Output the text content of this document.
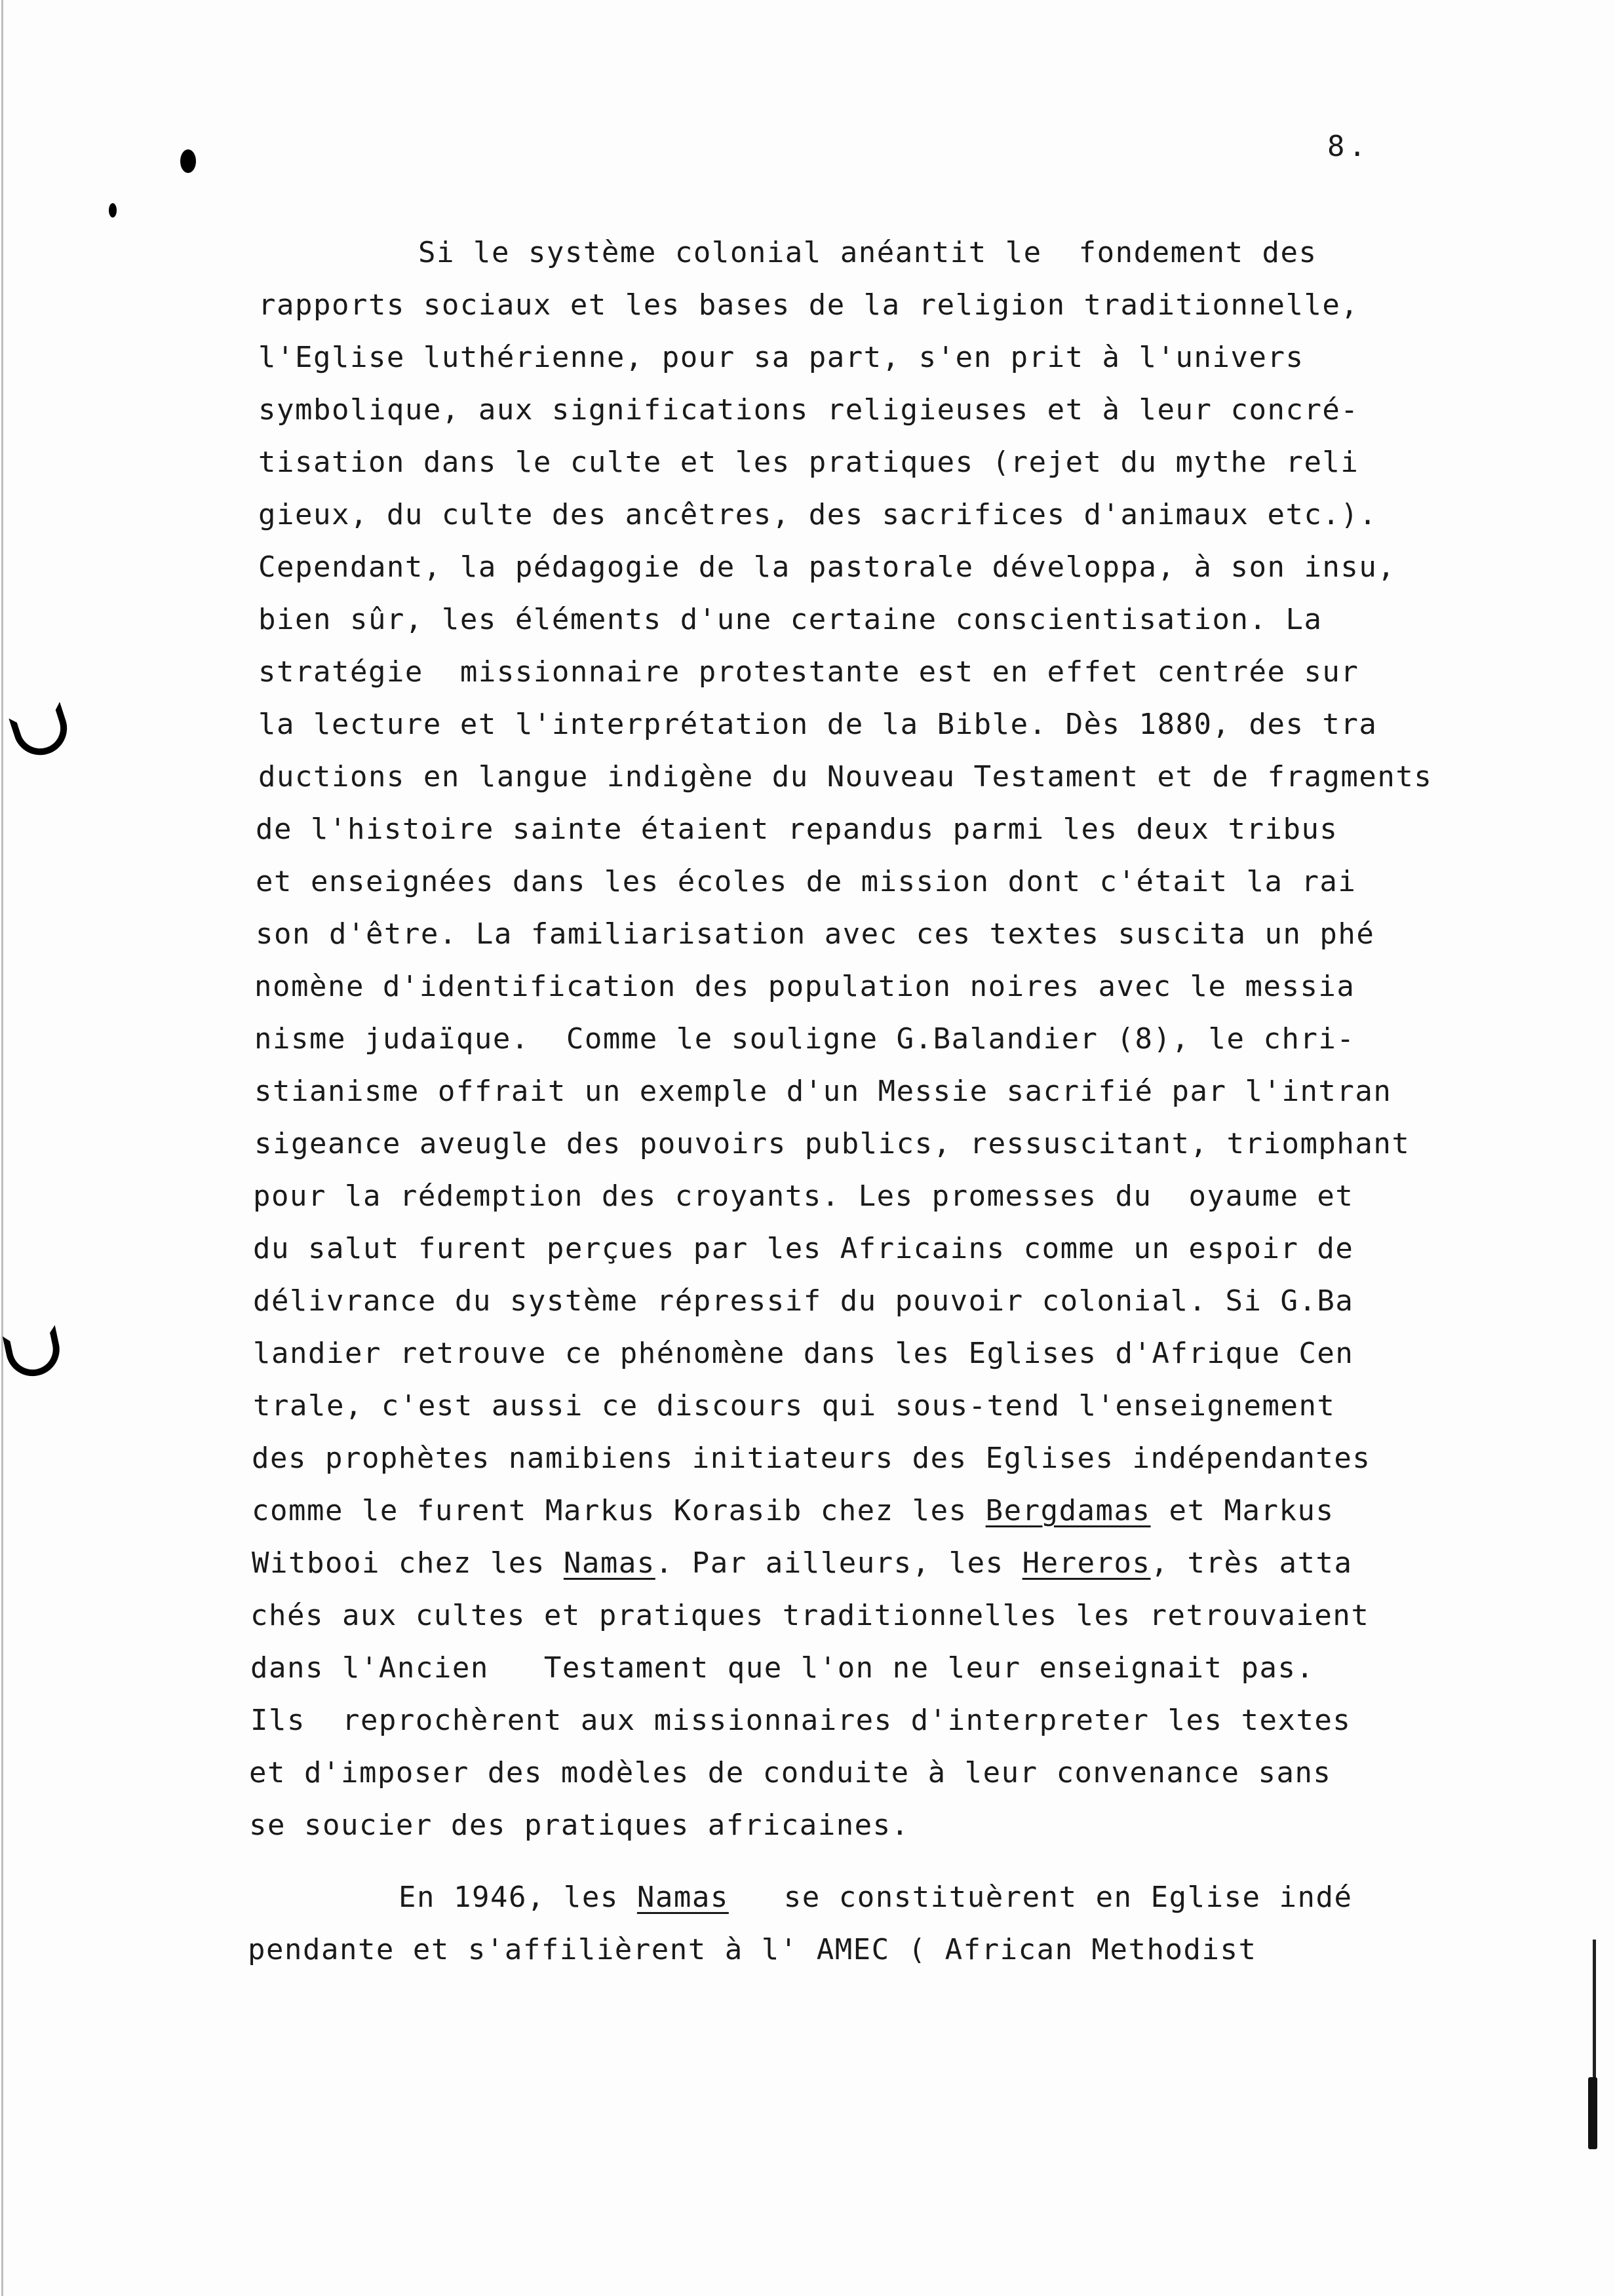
8.
Si le système colonial anéantit le  fondement des
rapports sociaux et les bases de la religion traditionnelle,
l'Eglise luthérienne, pour sa part, s'en prit à l'univers
symbolique, aux significations religieuses et à leur concré-
tisation dans le culte et les pratiques (rejet du mythe reli
gieux, du culte des ancêtres, des sacrifices d'animaux etc.).
Cependant, la pédagogie de la pastorale développa, à son insu,
bien sûr, les éléments d'une certaine conscientisation. La
stratégie  missionnaire protestante est en effet centrée sur
la lecture et l'interprétation de la Bible. Dès 1880, des tra
ductions en langue indigène du Nouveau Testament et de fragments
de l'histoire sainte étaient repandus parmi les deux tribus
et enseignées dans les écoles de mission dont c'était la rai
son d'être. La familiarisation avec ces textes suscita un phé
nomène d'identification des population noires avec le messia
nisme judaïque.  Comme le souligne G.Balandier (8), le chri-
stianisme offrait un exemple d'un Messie sacrifié par l'intran
sigeance aveugle des pouvoirs publics, ressuscitant, triomphant
pour la rédemption des croyants. Les promesses du  oyaume et
du salut furent perçues par les Africains comme un espoir de
délivrance du système répressif du pouvoir colonial. Si G.Ba
landier retrouve ce phénomène dans les Eglises d'Afrique Cen
trale, c'est aussi ce discours qui sous-tend l'enseignement
des prophètes namibiens initiateurs des Eglises indépendantes
comme le furent Markus Korasib chez les Bergdamas et Markus
Witbooi chez les Namas. Par ailleurs, les Hereros, très atta
chés aux cultes et pratiques traditionnelles les retrouvaient
dans l'Ancien   Testament que l'on ne leur enseignait pas.
Ils  reprochèrent aux missionnaires d'interpreter les textes
et d'imposer des modèles de conduite à leur convenance sans
se soucier des pratiques africaines.
En 1946, les Namas   se constituèrent en Eglise indé
pendante et s'affilièrent à l' AMEC ( African Methodist
